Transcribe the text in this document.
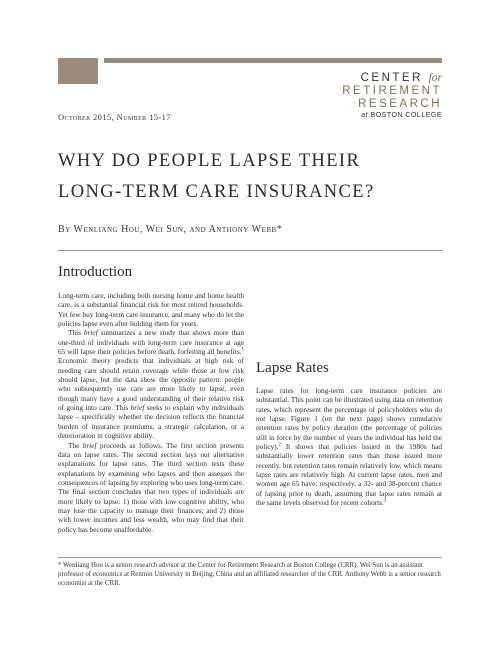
CENTER for
RETIREMENT
RESEARCH
at BOSTON COLLEGE
October 2015, Number 15-17
WHY DO PEOPLE LAPSE THEIR
LONG-TERM CARE INSURANCE?
By Wenliang Hou, Wei Sun, and Anthony Webb*
Introduction

Long-term care, including both nursing home and home health care, is a substantial financial risk for most retired households. Yet few buy long-term care insurance, and many who do let the policies lapse even after holding them for years.

This brief summarizes a new study that shows more than one-third of individuals with long-term care insurance at age 65 will lapse their policies before death, forfeiting all benefits.$^1$ Economic theory predicts that individuals at high risk of needing care should retain coverage while those at low risk should lapse, but the data show the opposite pattern: people who subsequently use care are more likely to lapse, even though many have a good understanding of their relative risk of going into care. This brief seeks to explain why individuals lapse – specifically whether the decision reflects the financial burden of insurance premiums, a strategic calculation, or a deterioration in cognitive ability.

The brief proceeds as follows. The first section presents data on lapse rates. The second section lays out alternative explanations for lapse rates. The third section tests these explanations by examining who lapses and then assesses the consequences of lapsing by exploring who uses long-term care. The final section concludes that two types of individuals are more likely to lapse: 1) those with low cognitive ability, who may lose the capacity to manage their finances; and 2) those with lower incomes and less wealth, who may find that their policy has become unaffordable.

Lapse Rates

Lapse rates for long-term care insurance policies are substantial. This point can be illustrated using data on retention rates, which represent the percentage of policyholders who do not lapse. Figure 1 (on the next page) shows cumulative retention rates by policy duration (the percentage of policies still in force by the number of years the individual has held the policy).$^2$ It shows that policies issued in the 1980s had substantially lower retention rates than those issued more recently, but retention rates remain relatively low, which means lapse rates are relatively high. At current lapse rates, men and women age 65 have, respectively, a 32- and 38-percent chance of lapsing prior to death, assuming that lapse rates remain at the same levels observed for recent cohorts.$^3$

* Wenliang Hou is a senior research advisor at the Center for Retirement Research at Boston College (CRR). Wei Sun is an assistant professor of economics at Renmin University in Beijing, China and an affiliated researcher of the CRR. Anthony Webb is a senior research economist at the CRR.
